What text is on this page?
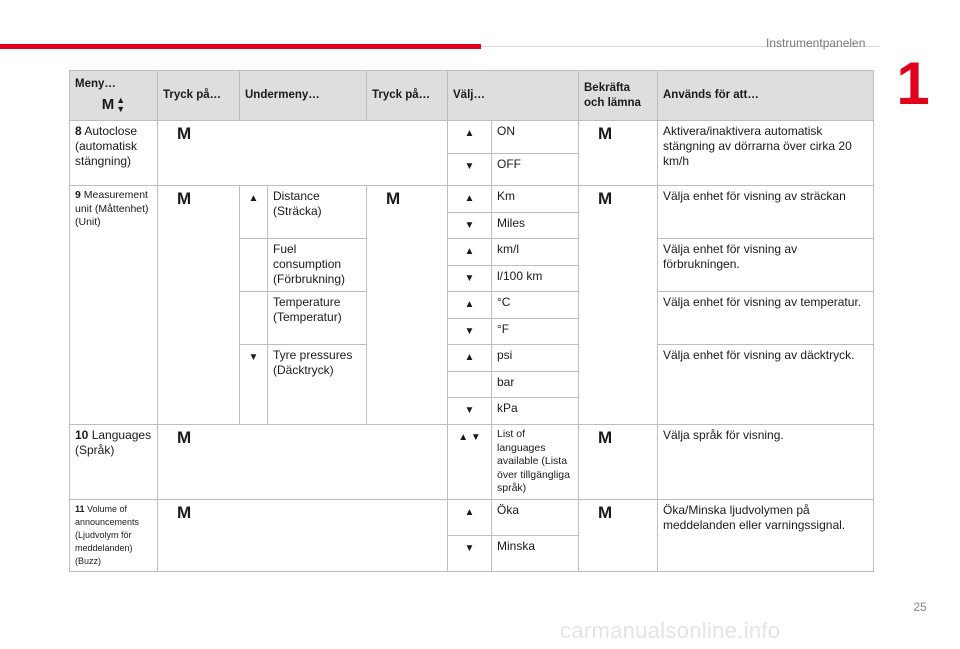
Instrumentpanelen
1
Meny…
M ▲
▼	Tryck på…	Undermeny…		Tryck på…	Välj…		Bekräfta och lämna	Används för att…
8 Autoclose (automatisk stängning)	M				▲	ON	M	Aktivera/inaktivera automatisk stängning av dörrarna över cirka 20 km/h
					▼	OFF		
9 Measurement unit (Måttenhet) (Unit)	M	▲	Distance (Sträcka)	M	▲	Km	M	Välja enhet för visning av sträckan
					▼	Miles		
			Fuel consumption (Förbrukning)		▲	km/l		Välja enhet för visning av förbrukningen.
					▼	l/100 km		
			Temperature (Temperatur)		▲	°C		Välja enhet för visning av temperatur.
					▼	°F		
		▼	Tyre pressures (Däcktryck)		▲	psi		Välja enhet för visning av däcktryck.
						bar		
					▼	kPa		
10 Languages (Språk)	M				▲ ▼	List of languages available (Lista över tillgängliga språk)	M	Välja språk för visning.
11 Volume of announcements (Ljudvolym för meddelanden) (Buzz)	M				▲	Öka	M	Öka/Minska ljudvolymen på meddelanden eller varningssignal.
					▼	Minska		
25
carmanualsonline.info
